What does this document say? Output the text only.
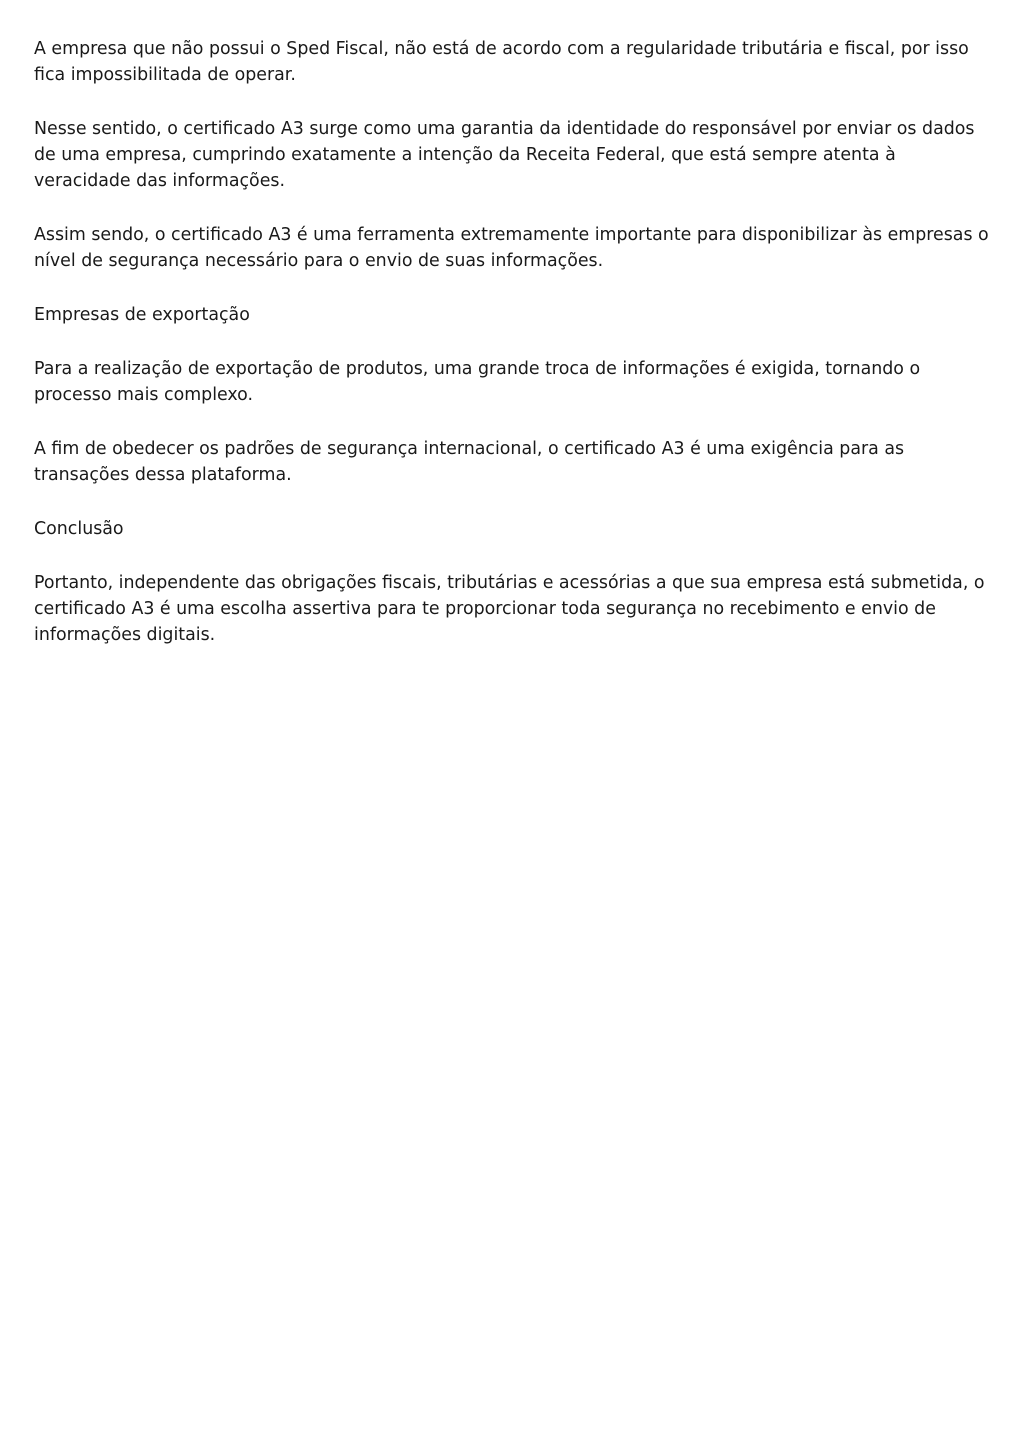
A empresa que não possui o Sped Fiscal, não está de acordo com a regularidade tributária e fiscal, por isso fica impossibilitada de operar.

Nesse sentido, o certificado A3 surge como uma garantia da identidade do responsável por enviar os dados de uma empresa, cumprindo exatamente a intenção da Receita Federal, que está sempre atenta à veracidade das informações.

Assim sendo, o certificado A3 é uma ferramenta extremamente importante para disponibilizar às empresas o nível de segurança necessário para o envio de suas informações.

Empresas de exportação

Para a realização de exportação de produtos, uma grande troca de informações é exigida, tornando o processo mais complexo.

A fim de obedecer os padrões de segurança internacional, o certificado A3 é uma exigência para as transações dessa plataforma.

Conclusão

Portanto, independente das obrigações fiscais, tributárias e acessórias a que sua empresa está submetida, o certificado A3 é uma escolha assertiva para te proporcionar toda segurança no recebimento e envio de informações digitais.
